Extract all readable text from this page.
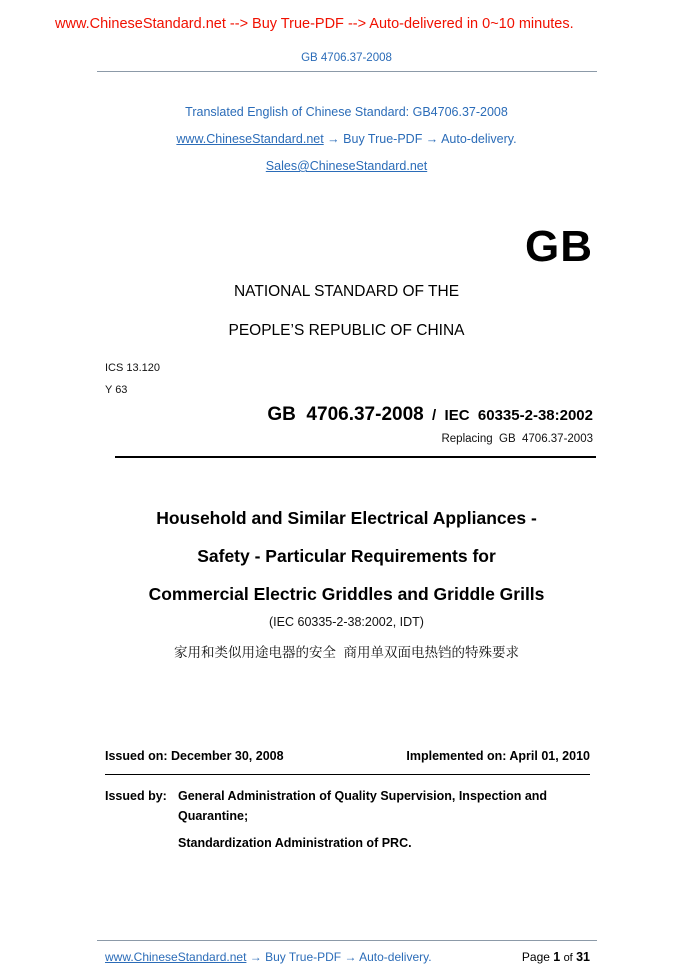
www.ChineseStandard.net --> Buy True-PDF --> Auto-delivered in 0~10 minutes.
GB 4706.37-2008
Translated English of Chinese Standard: GB4706.37-2008
www.ChineseStandard.net → Buy True-PDF → Auto-delivery.
Sales@ChineseStandard.net
GB
NATIONAL STANDARD OF THE
PEOPLE’S REPUBLIC OF CHINA
ICS 13.120
Y 63
GB  4706.37-2008  /  IEC  60335-2-38:2002
Replacing  GB  4706.37-2003
Household and Similar Electrical Appliances -
Safety - Particular Requirements for
Commercial Electric Griddles and Griddle Grills
(IEC 60335-2-38:2002, IDT)
家用和类似用途电器的安全  商用单双面电热铛的特殊要求
Issued on: December 30, 2008	Implemented on: April 01, 2010
Issued by: General Administration of Quality Supervision, Inspection and
Quarantine;
Standardization Administration of PRC.
www.ChineseStandard.net → Buy True-PDF → Auto-delivery.	Page 1 of 31
